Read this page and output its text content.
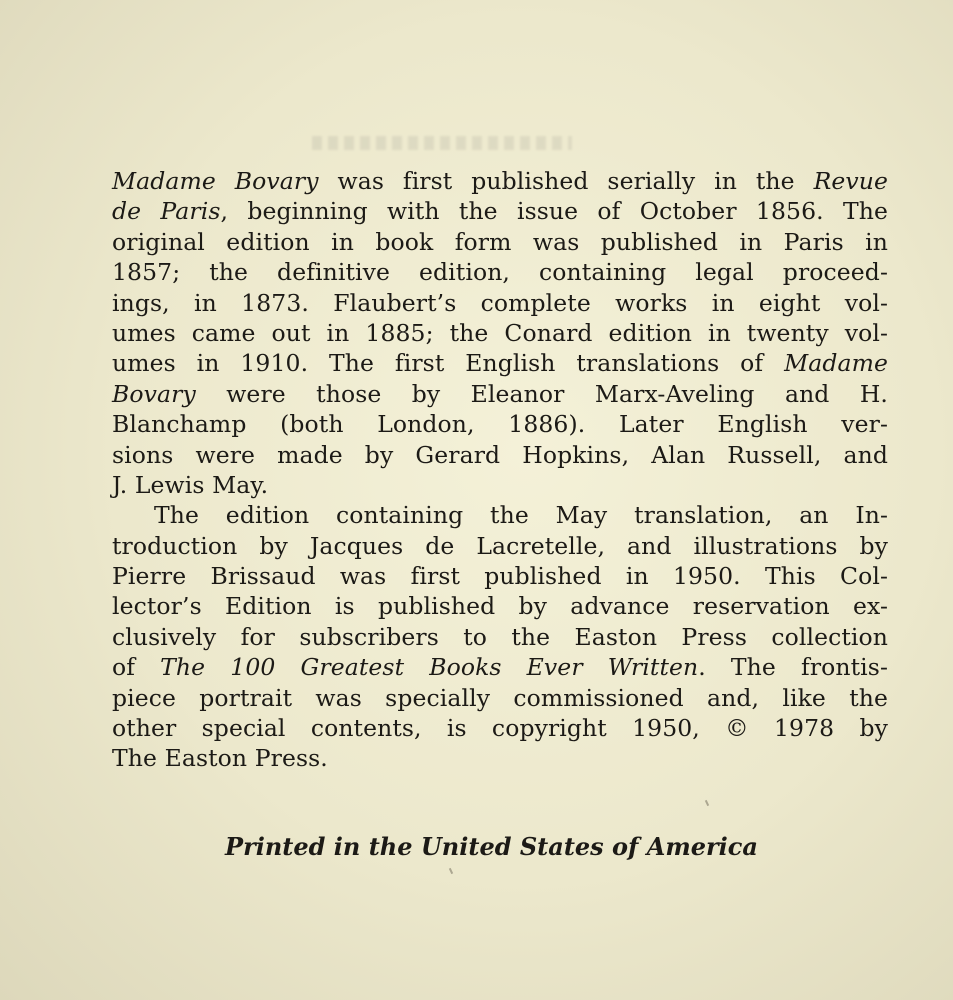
Madame Bovary was first published serially in the Revue
de Paris, beginning with the issue of October 1856. The
original edition in book form was published in Paris in
1857; the definitive edition, containing legal proceed-
ings, in 1873. Flaubert’s complete works in eight vol-
umes came out in 1885; the Conard edition in twenty vol-
umes in 1910. The first English translations of Madame
Bovary were those by Eleanor Marx-Aveling and H.
Blanchamp (both London, 1886). Later English ver-
sions were made by Gerard Hopkins, Alan Russell, and
J. Lewis May.
The edition containing the May translation, an In-
troduction by Jacques de Lacretelle, and illustrations by
Pierre Brissaud was first published in 1950. This Col-
lector’s Edition is published by advance reservation ex-
clusively for subscribers to the Easton Press collection
of The 100 Greatest Books Ever Written. The frontis-
piece portrait was specially commissioned and, like the
other special contents, is copyright 1950, © 1978 by
The Easton Press.
Printed in the United States of America
